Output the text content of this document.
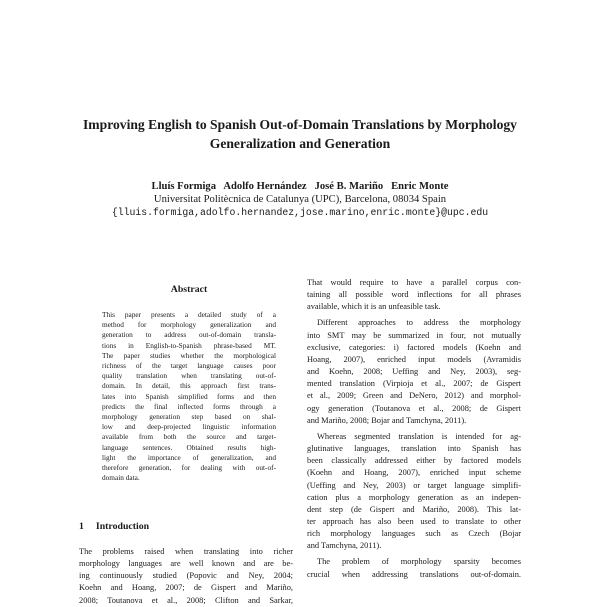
Improving English to Spanish Out-of-Domain Translations by Morphology
Generalization and Generation
Lluís Formiga   Adolfo Hernández   José B. Mariño   Enric Monte
Universitat Politècnica de Catalunya (UPC), Barcelona, 08034 Spain
{lluis.formiga,adolfo.hernandez,jose.marino,enric.monte}@upc.edu
Abstract
This paper presents a detailed study of a
method for morphology generalization and
generation to address out-of-domain transla-
tions in English-to-Spanish phrase-based MT.
The paper studies whether the morphological
richness of the target language causes poor
quality translation when translating out-of-
domain. In detail, this approach first trans-
lates into Spanish simplified forms and then
predicts the final inflected forms through a
morphology generation step based on shal-
low and deep-projected linguistic information
available from both the source and target-
language sentences. Obtained results high-
light the importance of generalization, and
therefore generation, for dealing with out-of-
domain data.
1 Introduction
The problems raised when translating into richer
morphology languages are well known and are be-
ing continuously studied (Popovic and Ney, 2004;
Koehn and Hoang, 2007; de Gispert and Mariño,
2008; Toutanova et al., 2008; Clifton and Sarkar,
That would require to have a parallel corpus con-
taining all possible word inflections for all phrases
available, which it is an unfeasible task.
Different approaches to address the morphology
into SMT may be summarized in four, not mutually
exclusive, categories: i) factored models (Koehn and
Hoang, 2007), enriched input models (Avramidis
and Koehn, 2008; Ueffing and Ney, 2003), seg-
mented translation (Virpioja et al., 2007; de Gispert
et al., 2009; Green and DeNero, 2012) and morphol-
ogy generation (Toutanova et al., 2008; de Gispert
and Mariño, 2008; Bojar and Tamchyna, 2011).
Whereas segmented translation is intended for ag-
glutinative languages, translation into Spanish has
been classically addressed either by factored models
(Koehn and Hoang, 2007), enriched input scheme
(Ueffing and Ney, 2003) or target language simplifi-
cation plus a morphology generation as an indepen-
dent step (de Gispert and Mariño, 2008). This lat-
ter approach has also been used to translate to other
rich morphology languages such as Czech (Bojar
and Tamchyna, 2011).
The problem of morphology sparsity becomes
crucial when addressing translations out-of-domain.
